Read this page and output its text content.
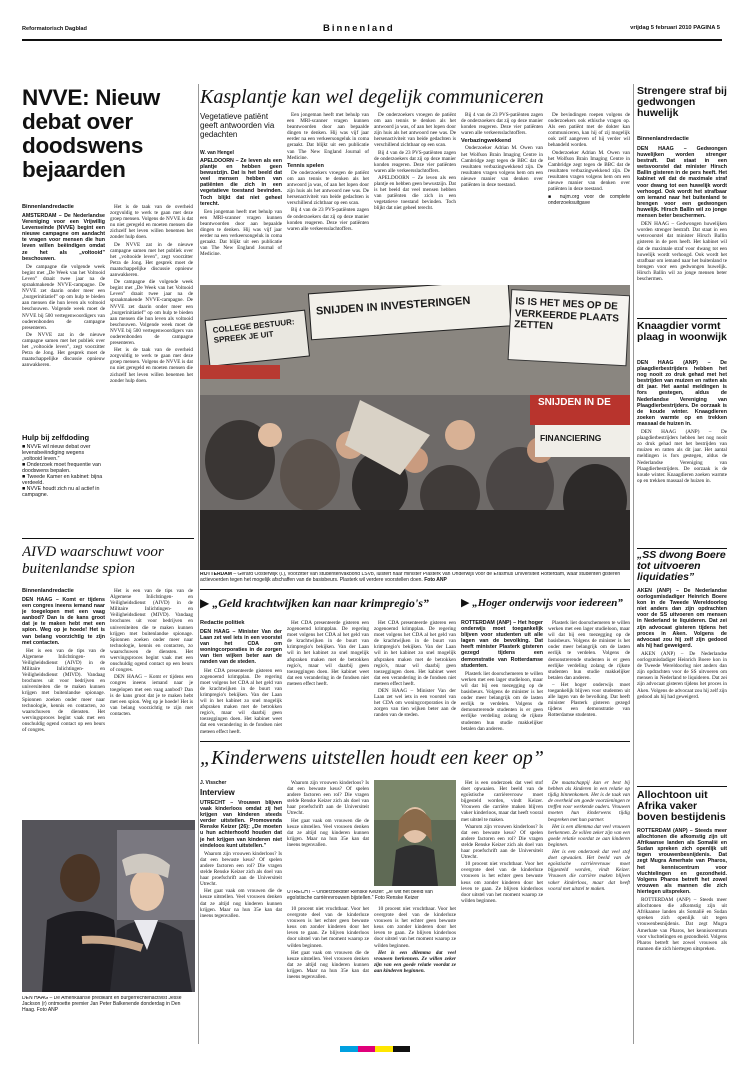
Reformatorisch Dagblad	Binnenland	vrijdag 5 februari 2010 PAGINA 5
NVVE: Nieuw debat over doodswens bejaarden
Binnenlandredactie
AMSTERDAM – De Nederlandse Vereniging voor een Vrijwillig Levenseinde (NVVE) begint een nieuwe campagne om aandacht te vragen voor mensen die hun leven willen beëindigen omdat ze het als „voltooid” beschouwen.

De campagne die volgende week begint met „De Week van het Voltooid Leven” draait twee jaar na de spraakmakende NVVE-campagne. De NVVE zet daarin onder meer een „burgerinitiatief” op om hulp te bieden aan mensen die hun leven als voltooid beschouwen. Volgende week moet de NVVE bij 500 vertegenwoordigers van ouderenbonden de campagne presenteren.

De NVVE zat in de nieuwe campagne samen met het publiek over het „voltooide leven”, zegt voorzitter Petra de Jong. Het gesprek moet de maatschappelijke discussie opnieuw aanwakkeren.

Hulp bij zelfdoding
■ NVVE wil nieuw debat over levensbeëindiging wegens „voltooid leven.”
■ Onderzoek moet frequentie van doodswens bepalen.
■ Tweede Kamer en kabinet: bijna verdeeld.
■ NVVE houdt zich nu al actief in campagne.

Het is de taak van de overheid zorgvuldig te werk te gaan met deze groep mensen. Volgens de NVVE is dat nu niet geregeld en moeten mensen die zichzelf het leven willen benemen het zonder hulp doen.

De NVVE zat in de nieuwe campagne samen met het publiek over het „voltooide leven”, zegt voorzitter Petra de Jong. Het gesprek moet de maatschappelijke discussie opnieuw aanwakkeren.

De campagne die volgende week begint met „De Week van het Voltooid Leven” draait twee jaar na de spraakmakende NVVE-campagne. De NVVE zet daarin onder meer een „burgerinitiatief” op om hulp te bieden aan mensen die hun leven als voltooid beschouwen. Volgende week moet de NVVE bij 500 vertegenwoordigers van ouderenbonden de campagne presenteren.

Het is de taak van de overheid zorgvuldig te werk te gaan met deze groep mensen. Volgens de NVVE is dat nu niet geregeld en moeten mensen die zichzelf het leven willen benemen het zonder hulp doen.

AIVD waarschuwt voor buitenlandse spion
Binnenlandredactie
DEN HAAG – Komt er tijdens een congres ineens iemand naar je toegelopen met een vaag aanbod? Dan is de kans groot dat je te maken hebt met een spion. Weg op je hoede! Het is van belang voorzichtig te zijn met contacten.

Het is een van de tips van de Algemene Inlichtingen- en Veiligheidsdienst (AIVD) in de Militaire Inlichtingen- en Veiligheidsdienst (MIVD). Vandaag brochures uit voor bedrijven en universiteiten die te maken kunnen krijgen met buitenlandse spionage. Spionnen zoeken onder meer naar technologie, kennis en contacten, zo waarschuwen de diensten. Het wervingsproces begint vaak met een onschuldig ogend contact op een beurs of congres.

Het is een van de tips van de Algemene Inlichtingen- en Veiligheidsdienst (AIVD) in de Militaire Inlichtingen- en Veiligheidsdienst (MIVD). Vandaag brochures uit voor bedrijven en universiteiten die te maken kunnen krijgen met buitenlandse spionage. Spionnen zoeken onder meer naar technologie, kennis en contacten, zo waarschuwen de diensten. Het wervingsproces begint vaak met een onschuldig ogend contact op een beurs of congres.

DEN HAAG – Komt er tijdens een congres ineens iemand naar je toegelopen met een vaag aanbod? Dan is de kans groot dat je te maken hebt met een spion. Weg op je hoede! Het is van belang voorzichtig te zijn met contacten.

DEN HAAG – De Amerikaanse predikant en burgerrechtenactivist Jesse Jackson (r) ontmoette premier Jan Peter Balkenende donderdag in Den Haag. Foto ANP
Kasplantje kan wel degelijk communiceren
Vegetatieve patiënt geeft antwoorden via gedachten
W. van Hengel
APELDOORN – Ze leven als een plantje en hebben geen bewustzijn. Dat is het beeld dat veel mensen hebben van patiënten die zich in een vegetatieve toestand bevinden. Toch blijkt dat niet geheel terecht.

Een jongeman heeft met behulp van een MRI-scanner vragen kunnen beantwoorden door aan bepaalde dingen te denken. Hij was vijf jaar eerder na een verkeersongeluk in coma geraakt. Dat blijkt uit een publicatie van The New England Journal of Medicine.

Een jongeman heeft met behulp van een MRI-scanner vragen kunnen beantwoorden door aan bepaalde dingen te denken. Hij was vijf jaar eerder na een verkeersongeluk in coma geraakt. Dat blijkt uit een publicatie van The New England Journal of Medicine.

Tennis spelen

De onderzoekers vroegen de patiënt om aan tennis te denken als het antwoord ja was, of aan het lopen door zijn huis als het antwoord nee was. De hersenactiviteit van beide gedachten is verschillend zichtbaar op een scan.

Bij 4 van de 23 PVS-patiënten zagen de onderzoekers dat zij op deze manier konden reageren. Deze vier patiënten waren alle verkeersslachtoffers.

De onderzoekers vroegen de patiënt om aan tennis te denken als het antwoord ja was, of aan het lopen door zijn huis als het antwoord nee was. De hersenactiviteit van beide gedachten is verschillend zichtbaar op een scan.

Bij 4 van de 23 PVS-patiënten zagen de onderzoekers dat zij op deze manier konden reageren. Deze vier patiënten waren alle verkeersslachtoffers.

APELDOORN – Ze leven als een plantje en hebben geen bewustzijn. Dat is het beeld dat veel mensen hebben van patiënten die zich in een vegetatieve toestand bevinden. Toch blijkt dat niet geheel terecht.

Bij 4 van de 23 PVS-patiënten zagen de onderzoekers dat zij op deze manier konden reageren. Deze vier patiënten waren alle verkeersslachtoffers.

Verbazingwekkend

Onderzoeker Adrian M. Owen van het Wolfson Brain Imaging Centre in Cambridge zegt tegen de BBC dat de resultaten verbazingwekkend zijn. De resultaten vragen volgens hem om een nieuwe manier van denken over patiënten in deze toestand.

De bevindingen roepen volgens de onderzoekers ook ethische vragen op. Als een patiënt met de dokter kan communiceren, kan hij of zij mogelijk ook zelf aangeven of hij verder wil behandeld worden.

Onderzoeker Adrian M. Owen van het Wolfson Brain Imaging Centre in Cambridge zegt tegen de BBC dat de resultaten verbazingwekkend zijn. De resultaten vragen volgens hem om een nieuwe manier van denken over patiënten in deze toestand.

■ nujm.org voor de complete onderzoeksuitgave
SNIJDEN IN INVESTERINGEN	IS IS HET MES OP DE VERKEERDE PLAATS ZETTEN
COLLEGE BESTUUR: SPREEK JE UIT
SNIJDEN IN DE
FINANCIERING
ROTTERDAM – Gerard Oosterwijk (l.), voorzitter van studentenvakbond LSVb, luistert naar minister Plasterk van Onderwijs voor de Erasmus Universiteit Rotterdam, waar studenten gisteren actievoerden tegen het mogelijk afschaffen van de basisbeurs. Plasterk wil verdere voorstellen doen. Foto ANP
▶ „Geld krachtwijken kan naar krimpregio's”
Redactie politiek
DEN HAAG – Minister Van der Laan zet wel iets in een voorstel van het CDA om woningcorporaties in de zorgen van tien wijken beter aan de randen van de steden.

Het CDA presenteerde gisteren een zogenoemd krimpplan. De regering moet volgens het CDA al het geld van de krachtwijken in de buurt van krimpregio's bekijken. Van der Laan wil in het kabinet zo snel mogelijk afspraken maken met de betrokken regio's, maar wil daarbij geen toezeggingen doen. Het kabinet weet dat een verandering in de fondsen niet meteen effect heeft.

Het CDA presenteerde gisteren een zogenoemd krimpplan. De regering moet volgens het CDA al het geld van de krachtwijken in de buurt van krimpregio's bekijken. Van der Laan wil in het kabinet zo snel mogelijk afspraken maken met de betrokken regio's, maar wil daarbij geen toezeggingen doen. Het kabinet weet dat een verandering in de fondsen niet meteen effect heeft.

Het CDA presenteerde gisteren een zogenoemd krimpplan. De regering moet volgens het CDA al het geld van de krachtwijken in de buurt van krimpregio's bekijken. Van der Laan wil in het kabinet zo snel mogelijk afspraken maken met de betrokken regio's, maar wil daarbij geen toezeggingen doen. Het kabinet weet dat een verandering in de fondsen niet meteen effect heeft.

DEN HAAG – Minister Van der Laan zet wel iets in een voorstel van het CDA om woningcorporaties in de zorgen van tien wijken beter aan de randen van de steden.

▶ „Hoger onderwijs voor iedereen”
ROTTERDAM (ANP) – Het hoger onderwijs moet toegankelijk blijven voor studenten uit alle lagen van de bevolking. Dat heeft minister Plasterk gisteren gezegd tijdens een demonstratie van Rotterdamse studenten.

Plasterk liet doorschemeren te willen werken met een lager studieloon, maar wil dat bij een toezegging op de basisbeurs. Volgens de minister is het onder meer belangrijk om de lasten eerlijk te verdelen. Volgens de demonstrerende studenten is er geen eerlijke verdeling zolang de rijkste studenten hun studie makkelijker betalen dan anderen.

Plasterk liet doorschemeren te willen werken met een lager studieloon, maar wil dat bij een toezegging op de basisbeurs. Volgens de minister is het onder meer belangrijk om de lasten eerlijk te verdelen. Volgens de demonstrerende studenten is er geen eerlijke verdeling zolang de rijkste studenten hun studie makkelijker betalen dan anderen.

– Het hoger onderwijs moet toegankelijk blijven voor studenten uit alle lagen van de bevolking. Dat heeft minister Plasterk gisteren gezegd tijdens een demonstratie van Rotterdamse studenten.

„Kinderwens uitstellen houdt een keer op”
J. Visscher
Interview
UTRECHT – Vrouwen blijven vaak kinderloos omdat zij het krijgen van kinderen steeds verder uitstellen. Promovenda Renske Keizer (26): „De moeten u hun achterhoofd houden dat je het krijgen van kinderen niet eindeloos kunt uitstellen.”

Waarom zijn vrouwen kinderloos? Is dat een bewuste keus? Of spelen andere factoren een rol? Die vragen stelde Renske Keizer zich als doel van haar proefschrift aan de Universiteit Utrecht.

Het gaat vaak om vrouwen die de keuze uitstellen. Veel vrouwen denken dat ze altijd nog kinderen kunnen krijgen. Maar na hun 35e kan dat ineens tegenvallen.

Waarom zijn vrouwen kinderloos? Is dat een bewuste keus? Of spelen andere factoren een rol? Die vragen stelde Renske Keizer zich als doel van haar proefschrift aan de Universiteit Utrecht.

Het gaat vaak om vrouwen die de keuze uitstellen. Veel vrouwen denken dat ze altijd nog kinderen kunnen krijgen. Maar na hun 35e kan dat ineens tegenvallen.

UTRECHT – Onderzoekster Renske Keizer: „Je wilt het beeld van egoïstische carrièrevrouwen bijstellen.” Foto Renske Keizer

10 procent niet vruchtbaar. Voor het overgrote deel van de kinderloze vrouwen is het echter geen bewuste keus om zonder kinderen door het leven te gaan. Ze blijven kinderloos door uitstel van het moment waarop ze wilden beginnen.

Het gaat vaak om vrouwen die de keuze uitstellen. Veel vrouwen denken dat ze altijd nog kinderen kunnen krijgen. Maar na hun 35e kan dat ineens tegenvallen.

10 procent niet vruchtbaar. Voor het overgrote deel van de kinderloze vrouwen is het echter geen bewuste keus om zonder kinderen door het leven te gaan. Ze blijven kinderloos door uitstel van het moment waarop ze wilden beginnen.

Het is een dilemma dat veel vrouwen herkennen. Ze willen zeker zijn van een goede relatie voordat ze aan kinderen beginnen.

Het is een onderzoek dat veel stof doet opwaaien. Het beeld van de egoïstische carrièrevrouw moet bijgesteld worden, vindt Keizer. Vrouwen die carrière maken blijven vaker kinderloos, maar dat heeft vooral met uitstel te maken.

Waarom zijn vrouwen kinderloos? Is dat een bewuste keus? Of spelen andere factoren een rol? Die vragen stelde Renske Keizer zich als doel van haar proefschrift aan de Universiteit Utrecht.

10 procent niet vruchtbaar. Voor het overgrote deel van de kinderloze vrouwen is het echter geen bewuste keus om zonder kinderen door het leven te gaan. Ze blijven kinderloos door uitstel van het moment waarop ze wilden beginnen.

De maatschappij kan er best bij hebben als kinderen in een relatie op tijdig binnenkomen. Het is de taak van de overheid om goede voorzieningen te treffen voor werkende ouders. Vrouwen moeten hun kinderwens tijdig bespreken met hun partner.

Het is een dilemma dat veel vrouwen herkennen. Ze willen zeker zijn van een goede relatie voordat ze aan kinderen beginnen.

Het is een onderzoek dat veel stof doet opwaaien. Het beeld van de egoïstische carrièrevrouw moet bijgesteld worden, vindt Keizer. Vrouwen die carrière maken blijven vaker kinderloos, maar dat heeft vooral met uitstel te maken.

Strengere straf bij gedwongen huwelijk
Binnenlandredactie
DEN HAAG – Gedwongen huwelijken worden strenger bestraft. Dat staat in een wetsvoorstel dat minister Hirsch Ballin gisteren in de pers heeft. Het kabinet wil dat de maximale straf voor dwang tot een huwelijk wordt verhoogd. Ook wordt het strafbaar om iemand naar het buitenland te brengen voor een gedwongen huwelijk. Hirsch Ballin wil zo jonge mensen beter beschermen.

DEN HAAG – Gedwongen huwelijken worden strenger bestraft. Dat staat in een wetsvoorstel dat minister Hirsch Ballin gisteren in de pers heeft. Het kabinet wil dat de maximale straf voor dwang tot een huwelijk wordt verhoogd. Ook wordt het strafbaar om iemand naar het buitenland te brengen voor een gedwongen huwelijk. Hirsch Ballin wil zo jonge mensen beter beschermen.

Knaagdier vormt plaag in woonwijk
DEN HAAG (ANP) – De plaagdierbestrijders hebben het nog nooit zo druk gehad met het bestrijden van muizen en ratten als dit jaar. Het aantal meldingen is fors gestegen, aldus de Nederlandse Vereniging van Plaagdierbestrijders. De oorzaak is de koude winter. Knaagdieren zoeken warmte op en trekken massaal de huizen in.

DEN HAAG (ANP) – De plaagdierbestrijders hebben het nog nooit zo druk gehad met het bestrijden van muizen en ratten als dit jaar. Het aantal meldingen is fors gestegen, aldus de Nederlandse Vereniging van Plaagdierbestrijders. De oorzaak is de koude winter. Knaagdieren zoeken warmte op en trekken massaal de huizen in.

„SS dwong Boere tot uitvoeren liquidaties”
AKEN (ANP) – De Nederlandse oorlogsmisdadiger Heinrich Boere kon in de Tweede Wereldoorlog niet anders dan zijn opdrachten voor de SS uitvoeren om mensen in Nederland te liquideren. Dat zei zijn advocaat gisteren tijdens het proces in Aken. Volgens de advocaat zou hij zelf zijn gedood als hij had geweigerd.

AKEN (ANP) – De Nederlandse oorlogsmisdadiger Heinrich Boere kon in de Tweede Wereldoorlog niet anders dan zijn opdrachten voor de SS uitvoeren om mensen in Nederland te liquideren. Dat zei zijn advocaat gisteren tijdens het proces in Aken. Volgens de advocaat zou hij zelf zijn gedood als hij had geweigerd.

Allochtoon uit Afrika vaker boven bestijdenis
ROTTERDAM (ANP) – Steeds meer allochtonen die afkomstig zijn uit Afrikaanse landen als Somalië en Sudan spreken zich openlijk uit tegen vrouwenbesnijdenis. Dat zegt Mugra Amerhate van Pharos, het kenniscentrum voor vluchtelingen en gezondheid. Volgens Pharos betreft het zowel vrouwen als mannen die zich hiertegen uitspreken.

ROTTERDAM (ANP) – Steeds meer allochtonen die afkomstig zijn uit Afrikaanse landen als Somalië en Sudan spreken zich openlijk uit tegen vrouwenbesnijdenis. Dat zegt Mugra Amerhate van Pharos, het kenniscentrum voor vluchtelingen en gezondheid. Volgens Pharos betreft het zowel vrouwen als mannen die zich hiertegen uitspreken.
